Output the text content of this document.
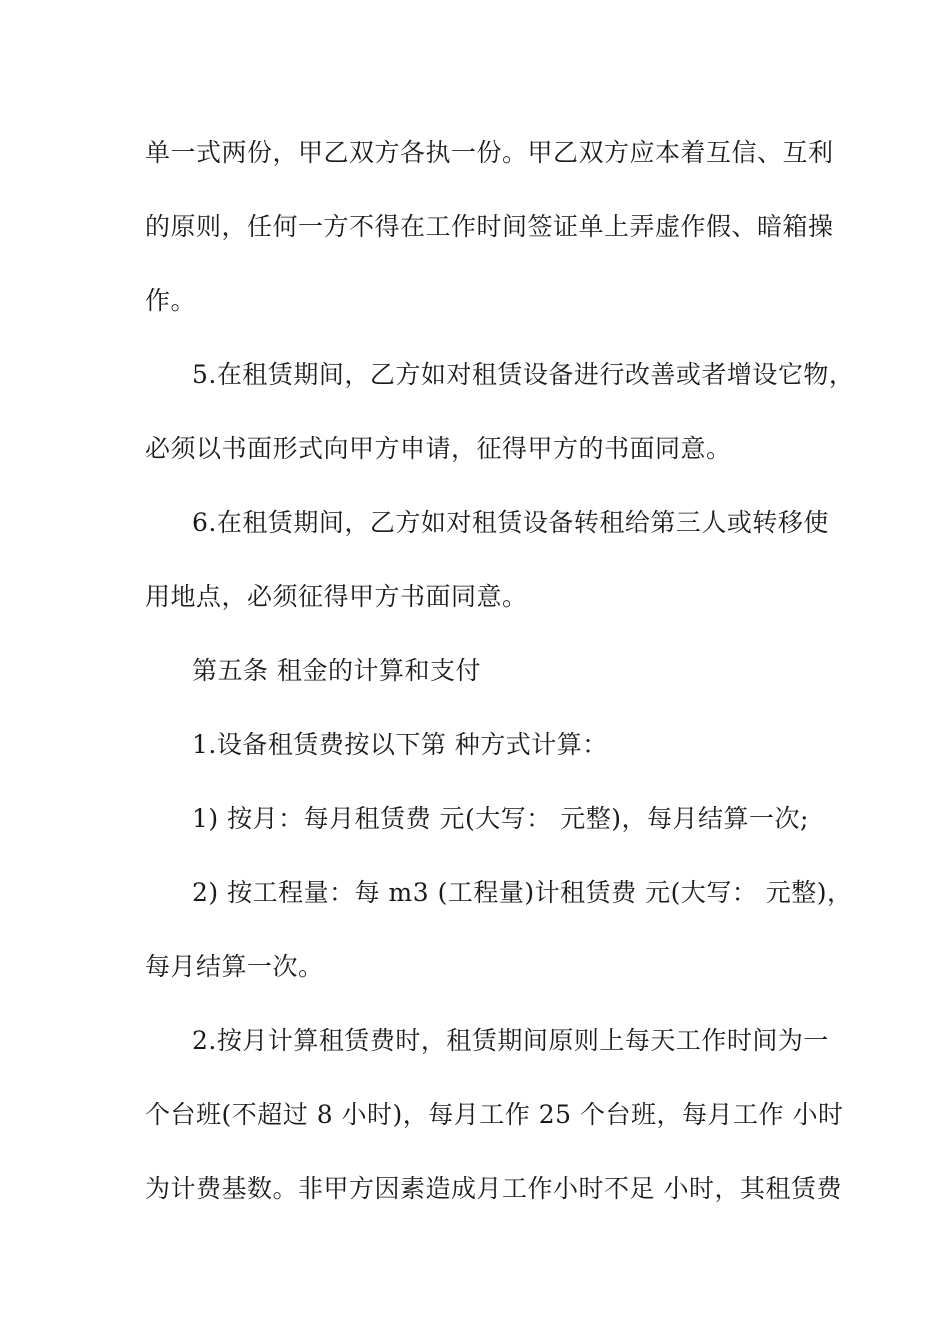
单一式两份，甲乙双方各执一份。甲乙双方应本着互信、互利
的原则，任何一方不得在工作时间签证单上弄虚作假、暗箱操
作。
5.在租赁期间，乙方如对租赁设备进行改善或者增设它物，
必须以书面形式向甲方申请，征得甲方的书面同意。
6.在租赁期间，乙方如对租赁设备转租给第三人或转移使
用地点，必须征得甲方书面同意。
第五条 租金的计算和支付
1.设备租赁费按以下第 种方式计算：
1) 按月：每月租赁费 元(大写： 元整)，每月结算一次;
2) 按工程量：每 m3 (工程量)计租赁费 元(大写： 元整)，
每月结算一次。
2.按月计算租赁费时，租赁期间原则上每天工作时间为一
个台班(不超过 8 小时)，每月工作 25 个台班，每月工作 小时
为计费基数。非甲方因素造成月工作小时不足 小时，其租赁费
